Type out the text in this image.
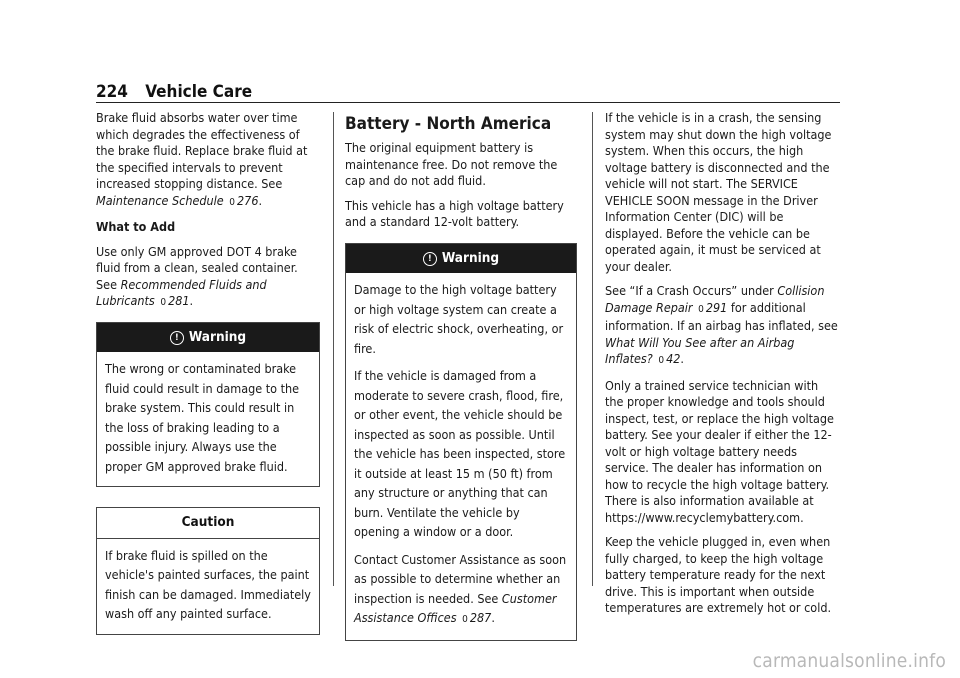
224 Vehicle Care

Brake fluid absorbs water over time which degrades the effectiveness of the brake fluid. Replace brake fluid at the specified intervals to prevent increased stopping distance. See Maintenance Schedule 0 276.

What to Add

Use only GM approved DOT 4 brake fluid from a clean, sealed container. See Recommended Fluids and Lubricants 0 281.

! Warning

The wrong or contaminated brake fluid could result in damage to the brake system. This could result in the loss of braking leading to a possible injury. Always use the proper GM approved brake fluid.

Caution

If brake fluid is spilled on the vehicle's painted surfaces, the paint finish can be damaged. Immediately wash off any painted surface.

Battery - North America

The original equipment battery is maintenance free. Do not remove the cap and do not add fluid.

This vehicle has a high voltage battery and a standard 12-volt battery.

! Warning

Damage to the high voltage battery or high voltage system can create a risk of electric shock, overheating, or fire.

If the vehicle is damaged from a moderate to severe crash, flood, fire, or other event, the vehicle should be inspected as soon as possible. Until the vehicle has been inspected, store it outside at least 15 m (50 ft) from any structure or anything that can burn. Ventilate the vehicle by opening a window or a door.

Contact Customer Assistance as soon as possible to determine whether an inspection is needed. See Customer Assistance Offices 0 287.

If the vehicle is in a crash, the sensing system may shut down the high voltage system. When this occurs, the high voltage battery is disconnected and the vehicle will not start. The SERVICE VEHICLE SOON message in the Driver Information Center (DIC) will be displayed. Before the vehicle can be operated again, it must be serviced at your dealer.

See “If a Crash Occurs” under Collision Damage Repair 0 291 for additional information. If an airbag has inflated, see What Will You See after an Airbag Inflates? 0 42.

Only a trained service technician with the proper knowledge and tools should inspect, test, or replace the high voltage battery. See your dealer if either the 12-volt or high voltage battery needs service. The dealer has information on how to recycle the high voltage battery. There is also information available at https://www.recyclemybattery.com.

Keep the vehicle plugged in, even when fully charged, to keep the high voltage battery temperature ready for the next drive. This is important when outside temperatures are extremely hot or cold.

carmanualsonline.info
